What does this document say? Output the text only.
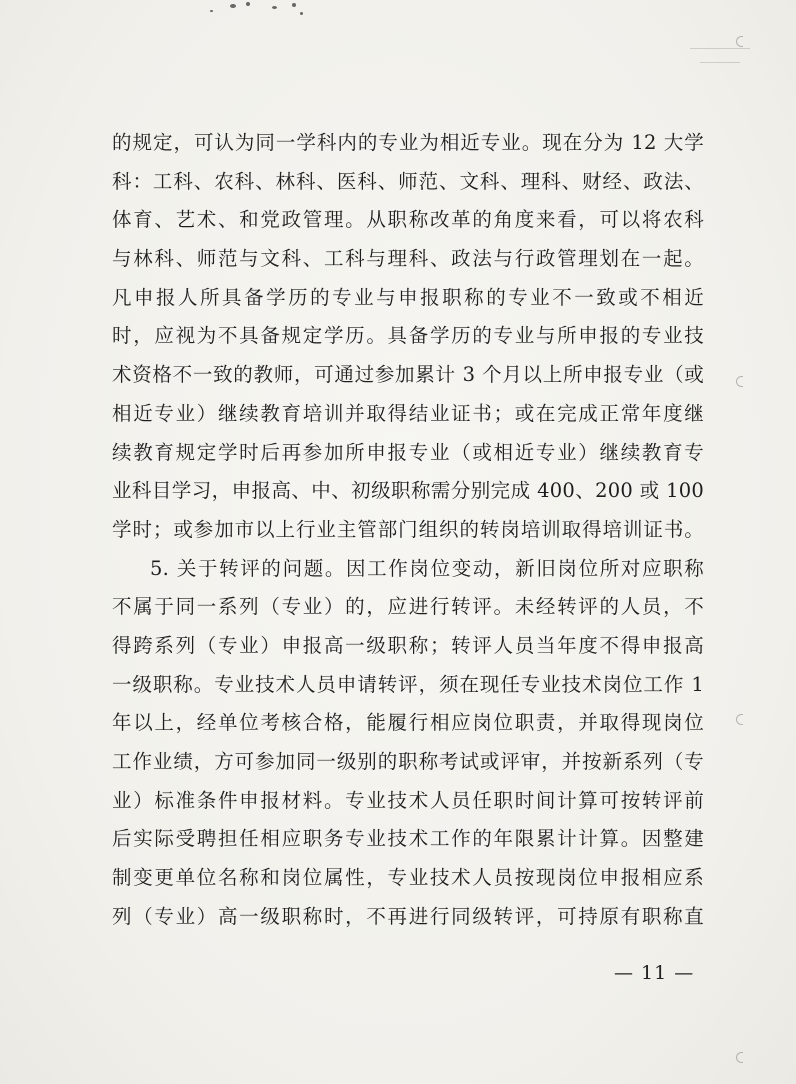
的规定，可认为同一学科内的专业为相近专业。现在分为 12 大学
科：工科、农科、林科、医科、师范、文科、理科、财经、政法、
体育、艺术、和党政管理。从职称改革的角度来看，可以将农科
与林科、师范与文科、工科与理科、政法与行政管理划在一起。
凡申报人所具备学历的专业与申报职称的专业不一致或不相近
时，应视为不具备规定学历。具备学历的专业与所申报的专业技
术资格不一致的教师，可通过参加累计 3 个月以上所申报专业（或
相近专业）继续教育培训并取得结业证书；或在完成正常年度继
续教育规定学时后再参加所申报专业（或相近专业）继续教育专
业科目学习，申报高、中、初级职称需分别完成 400、200 或 100
学时；或参加市以上行业主管部门组织的转岗培训取得培训证书。
5. 关于转评的问题。因工作岗位变动，新旧岗位所对应职称
不属于同一系列（专业）的，应进行转评。未经转评的人员，不
得跨系列（专业）申报高一级职称；转评人员当年度不得申报高
一级职称。专业技术人员申请转评，须在现任专业技术岗位工作 1
年以上，经单位考核合格，能履行相应岗位职责，并取得现岗位
工作业绩，方可参加同一级别的职称考试或评审，并按新系列（专
业）标准条件申报材料。专业技术人员任职时间计算可按转评前
后实际受聘担任相应职务专业技术工作的年限累计计算。因整建
制变更单位名称和岗位属性，专业技术人员按现岗位申报相应系
列（专业）高一级职称时，不再进行同级转评，可持原有职称直
— 11 —
